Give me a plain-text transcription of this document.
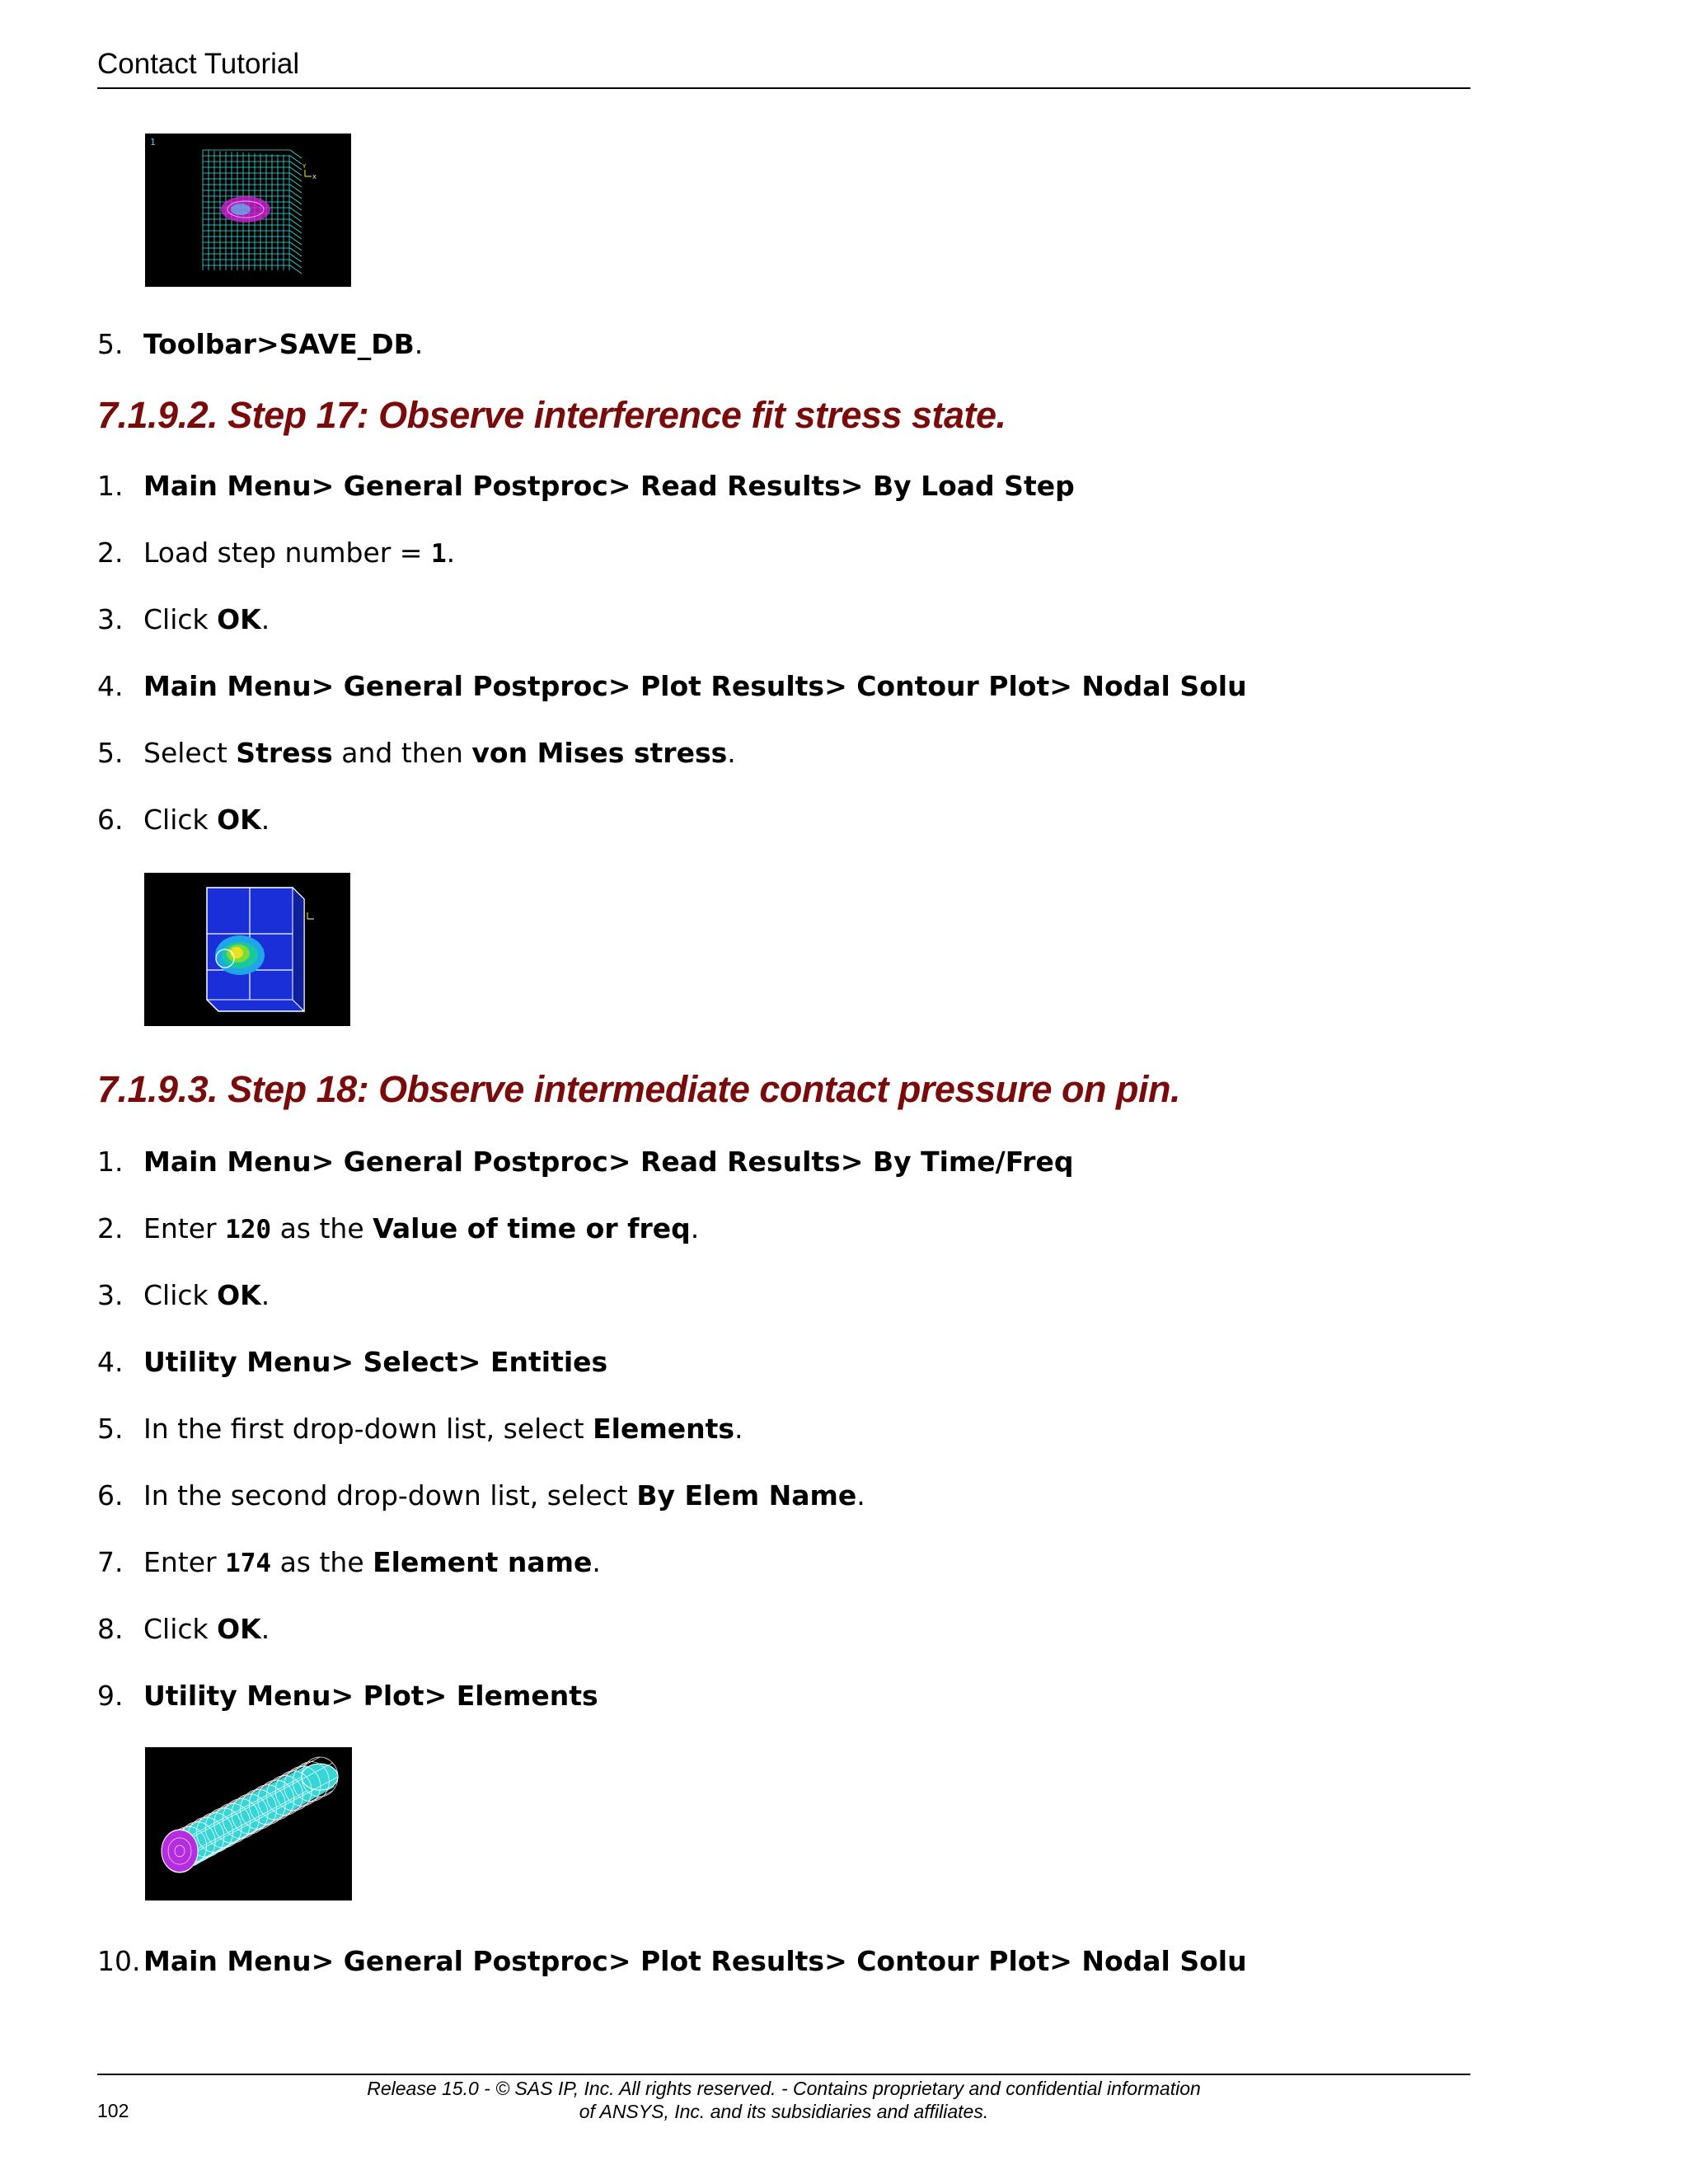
Contact Tutorial
1
Y
X
5. Toolbar>SAVE_DB.
7.1.9.2. Step 17: Observe interference fit stress state.
1. Main Menu> General Postproc> Read Results> By Load Step
2. Load step number = 1.
3. Click OK.
4. Main Menu> General Postproc> Plot Results> Contour Plot> Nodal Solu
5. Select Stress and then von Mises stress.
6. Click OK.
7.1.9.3. Step 18: Observe intermediate contact pressure on pin.
1. Main Menu> General Postproc> Read Results> By Time/Freq
2. Enter 120 as the Value of time or freq.
3. Click OK.
4. Utility Menu> Select> Entities
5. In the first drop-down list, select Elements.
6. In the second drop-down list, select By Elem Name.
7. Enter 174 as the Element name.
8. Click OK.
9. Utility Menu> Plot> Elements
10. Main Menu> General Postproc> Plot Results> Contour Plot> Nodal Solu
Release 15.0 - © SAS IP, Inc. All rights reserved. - Contains proprietary and confidential information
of ANSYS, Inc. and its subsidiaries and affiliates.
102
